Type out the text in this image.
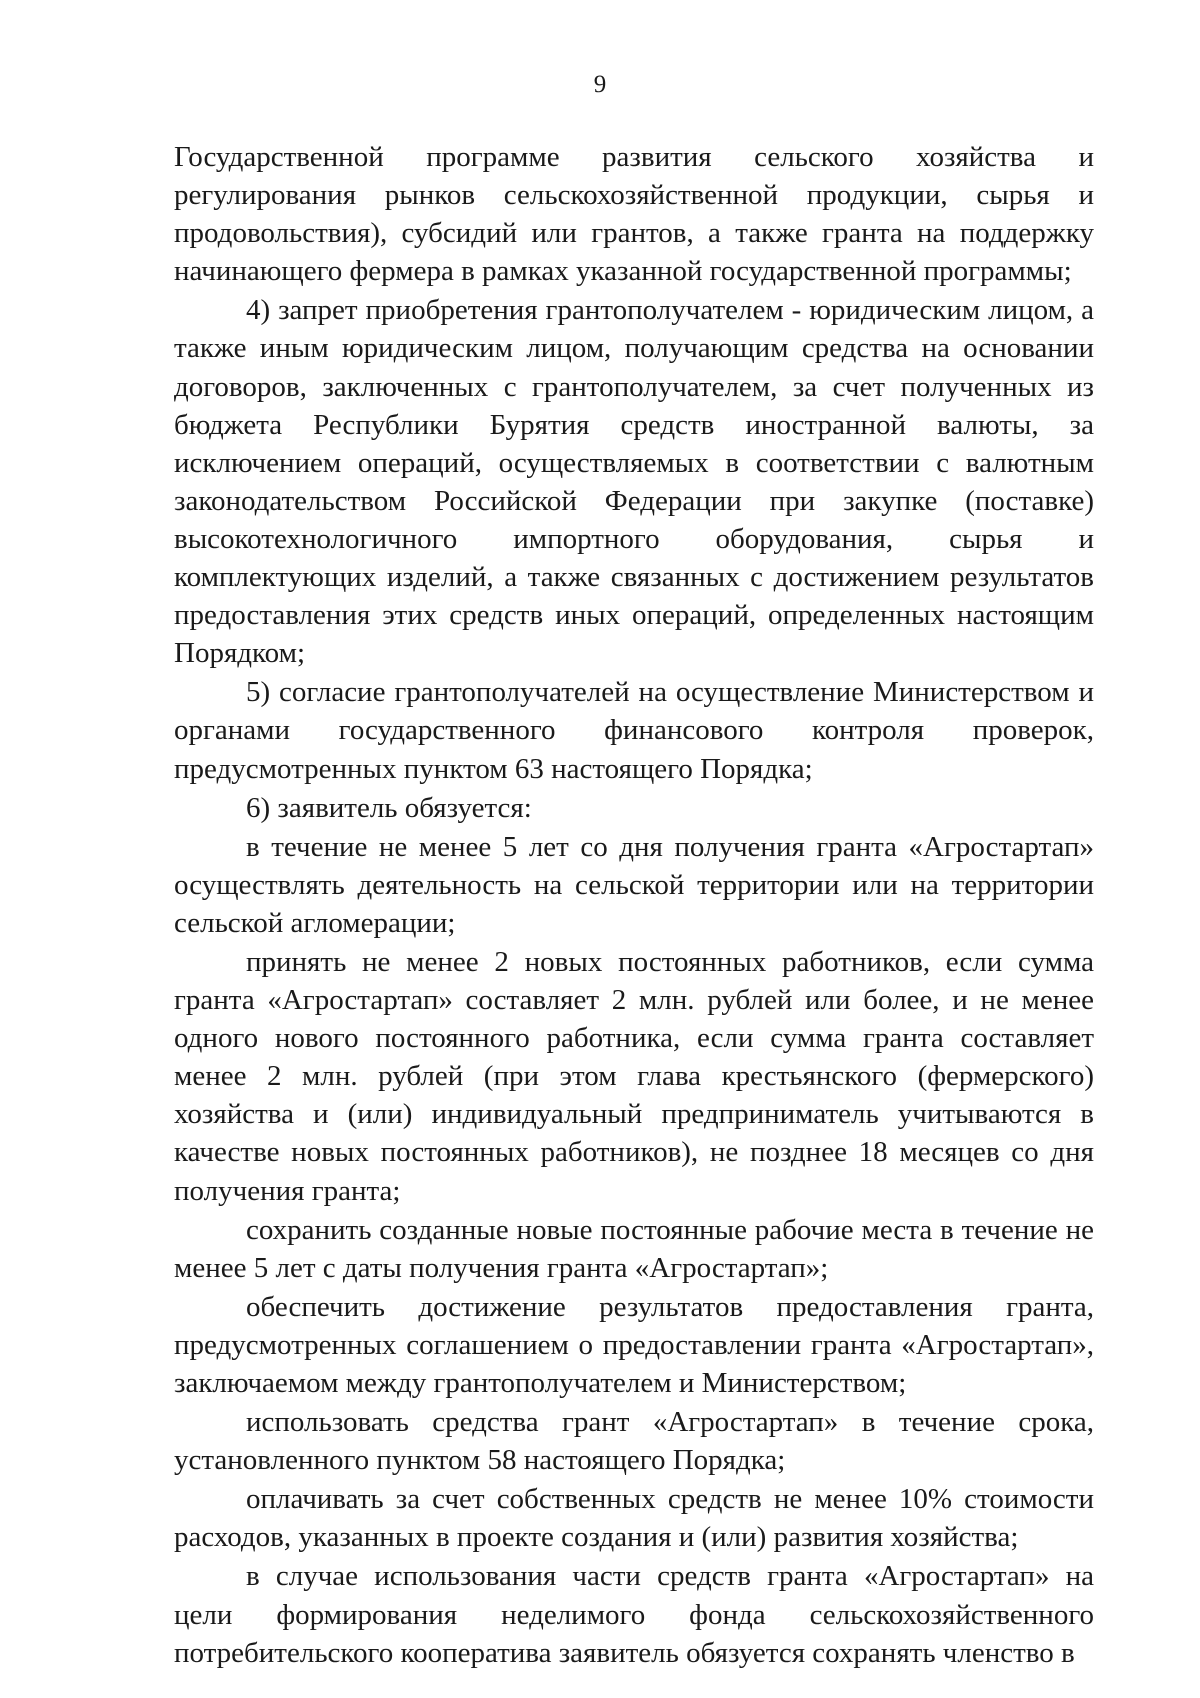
9

Государственной программе развития сельского хозяйства и регулирования рынков сельскохозяйственной продукции, сырья и продовольствия), субсидий или грантов, а также гранта на поддержку начинающего фермера в рамках указанной государственной программы;

4) запрет приобретения грантополучателем - юридическим лицом, а также иным юридическим лицом, получающим средства на основании договоров, заключенных с грантополучателем, за счет полученных из бюджета Республики Бурятия средств иностранной валюты, за исключением операций, осуществляемых в соответствии с валютным законодательством Российской Федерации при закупке (поставке) высокотехнологичного импортного оборудования, сырья и комплектующих изделий, а также связанных с достижением результатов предоставления этих средств иных операций, определенных настоящим Порядком;

5) согласие грантополучателей на осуществление Министерством и органами государственного финансового контроля проверок, предусмотренных пунктом 63 настоящего Порядка;

6) заявитель обязуется:

в течение не менее 5 лет со дня получения гранта «Агростартап» осуществлять деятельность на сельской территории или на территории сельской агломерации;

принять не менее 2 новых постоянных работников, если сумма гранта «Агростартап» составляет 2 млн. рублей или более, и не менее одного нового постоянного работника, если сумма гранта составляет менее 2 млн. рублей (при этом глава крестьянского (фермерского) хозяйства и (или) индивидуальный предприниматель учитываются в качестве новых постоянных работников), не позднее 18 месяцев со дня получения гранта;

сохранить созданные новые постоянные рабочие места в течение не менее 5 лет с даты получения гранта «Агростартап»;

обеспечить достижение результатов предоставления гранта, предусмотренных соглашением о предоставлении гранта «Агростартап», заключаемом между грантополучателем и Министерством;

использовать средства грант «Агростартап» в течение срока, установленного пунктом 58 настоящего Порядка;

оплачивать за счет собственных средств не менее 10% стоимости расходов, указанных в проекте создания и (или) развития хозяйства;

в случае использования части средств гранта «Агростартап» на цели формирования неделимого фонда сельскохозяйственного потребительского кооператива заявитель обязуется сохранять членство в
